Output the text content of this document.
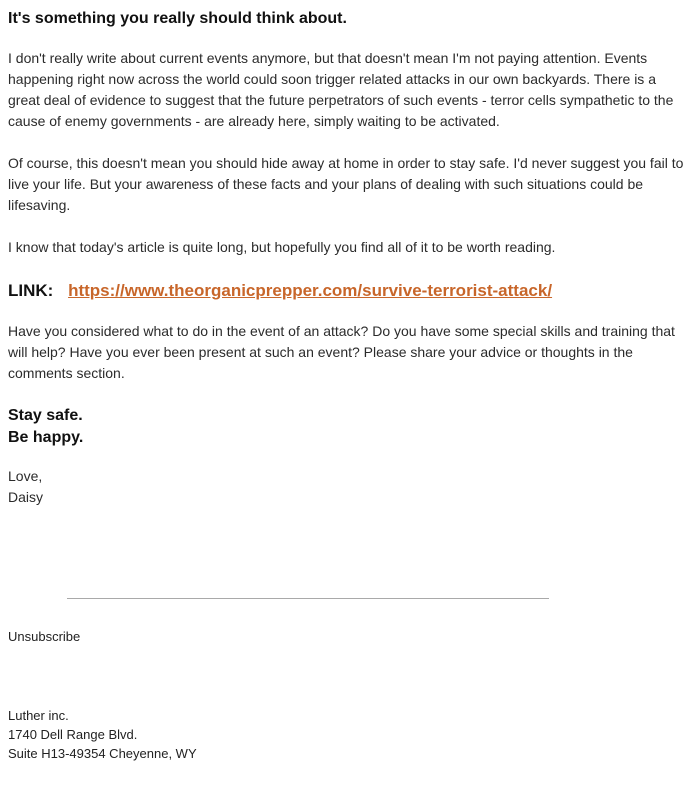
It's something you really should think about.

I don't really write about current events anymore, but that doesn't mean I'm not paying attention. Events happening right now across the world could soon trigger related attacks in our own backyards. There is a great deal of evidence to suggest that the future perpetrators of such events - terror cells sympathetic to the cause of enemy governments - are already here, simply waiting to be activated.

Of course, this doesn't mean you should hide away at home in order to stay safe. I'd never suggest you fail to live your life. But your awareness of these facts and your plans of dealing with such situations could be lifesaving.

I know that today's article is quite long, but hopefully you find all of it to be worth reading.

LINK: https://www.theorganicprepper.com/survive-terrorist-attack/

Have you considered what to do in the event of an attack? Do you have some special skills and training that will help? Have you ever been present at such an event? Please share your advice or thoughts in the comments section.

Stay safe.
Be happy.
Love,
Daisy
Unsubscribe
Luther inc.
1740 Dell Range Blvd.
Suite H13-49354 Cheyenne, WY
